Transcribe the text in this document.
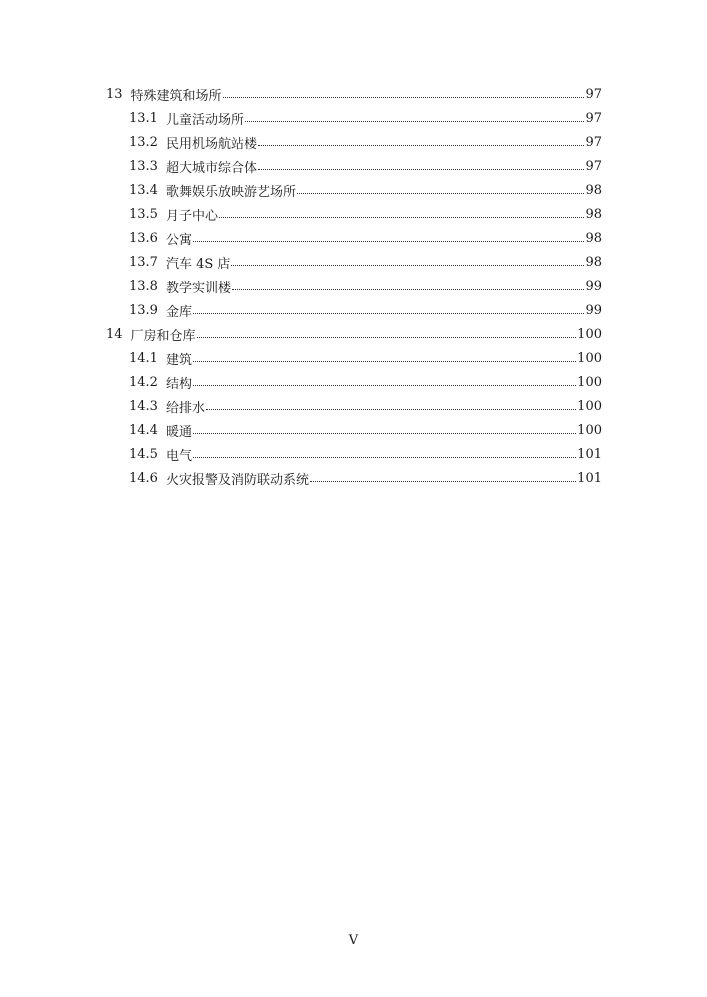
13 特殊建筑和场所	97
13.1 儿童活动场所	97
13.2 民用机场航站楼	97
13.3 超大城市综合体	97
13.4 歌舞娱乐放映游艺场所	98
13.5 月子中心	98
13.6 公寓	98
13.7 汽车 4S 店	98
13.8 教学实训楼	99
13.9 金库	99
14 厂房和仓库	100
14.1 建筑	100
14.2 结构	100
14.3 给排水	100
14.4 暖通	100
14.5 电气	101
14.6 火灾报警及消防联动系统	101
V
